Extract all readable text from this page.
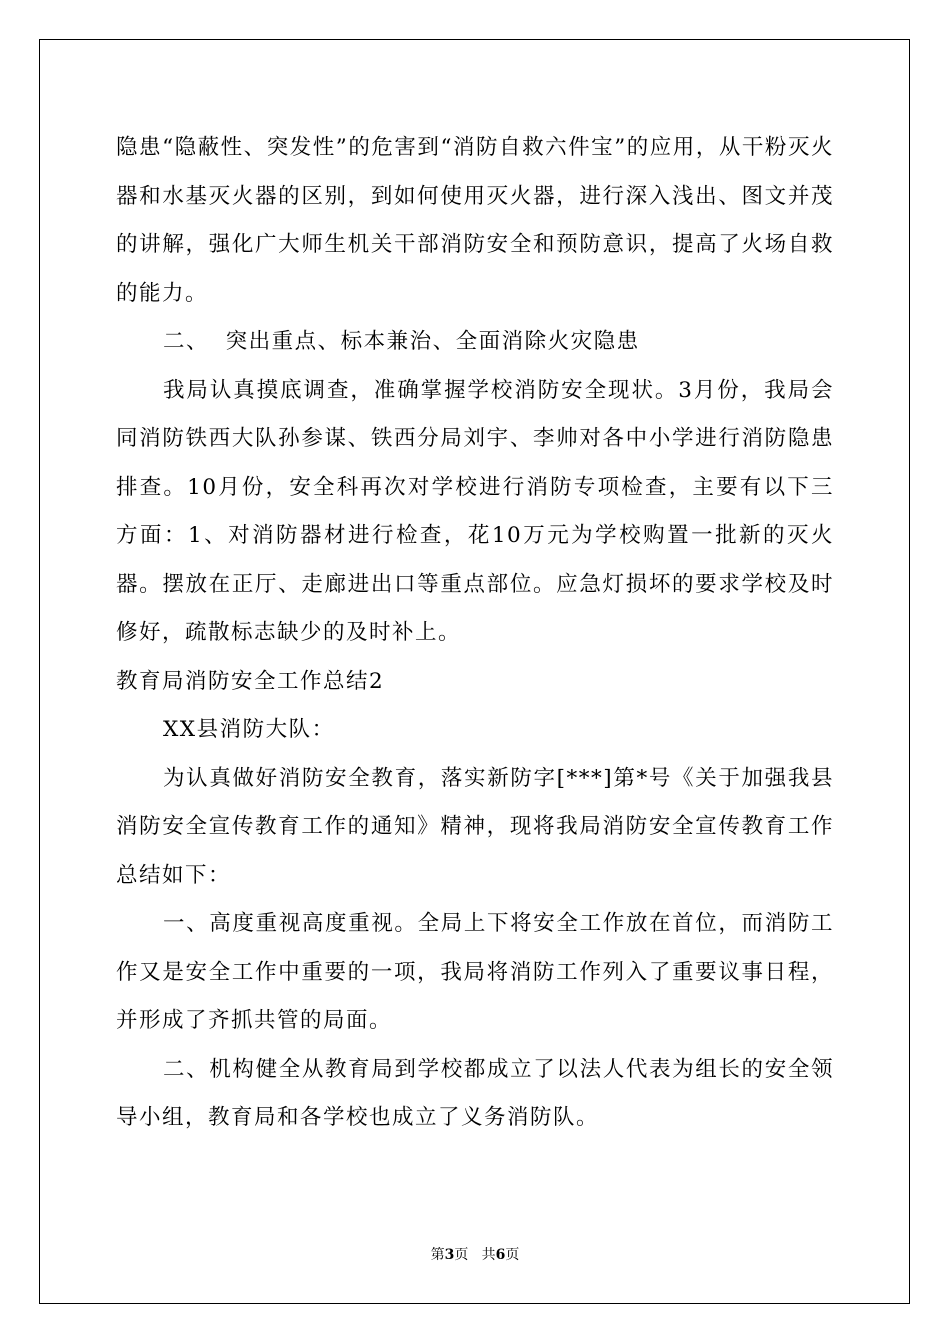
隐患“隐蔽性、突发性”的危害到“消防自救六件宝”的应用，从干粉灭火器和水基灭火器的区别，到如何使用灭火器，进行深入浅出、图文并茂的讲解，强化广大师生机关干部消防安全和预防意识，提高了火场自救的能力。

二、  突出重点、标本兼治、全面消除火灾隐患

我局认真摸底调查，准确掌握学校消防安全现状。3月份，我局会同消防铁西大队孙参谋、铁西分局刘宇、李帅对各中小学进行消防隐患排查。10月份，安全科再次对学校进行消防专项检查，主要有以下三方面：1、对消防器材进行检查，花10万元为学校购置一批新的灭火器。摆放在正厅、走廊进出口等重点部位。应急灯损坏的要求学校及时修好，疏散标志缺少的及时补上。

教育局消防安全工作总结2

XX县消防大队：

为认真做好消防安全教育，落实新防字[***]第*号《关于加强我县消防安全宣传教育工作的通知》精神，现将我局消防安全宣传教育工作总结如下：

一、高度重视高度重视。全局上下将安全工作放在首位，而消防工作又是安全工作中重要的一项，我局将消防工作列入了重要议事日程，并形成了齐抓共管的局面。

二、机构健全从教育局到学校都成立了以法人代表为组长的安全领导小组，教育局和各学校也成立了义务消防队。

第3页 共6页
